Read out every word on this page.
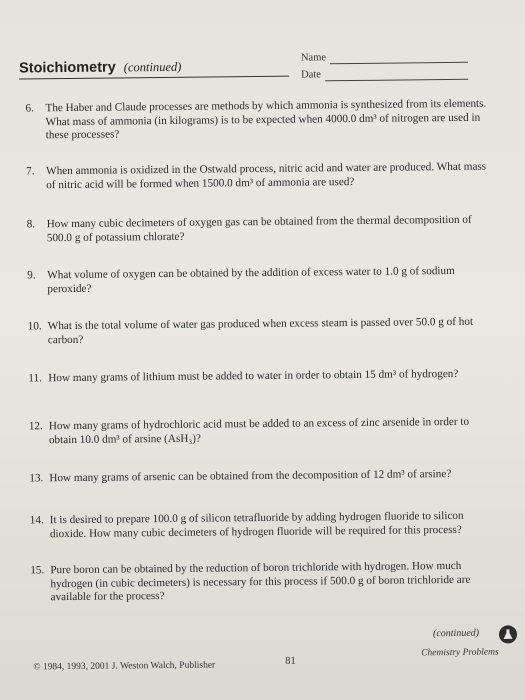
Stoichiometry (continued)
Name
Date
6. The Haber and Claude processes are methods by which ammonia is synthesized from its elements. What mass of ammonia (in kilograms) is to be expected when 4000.0 dm³ of nitrogen are used in these processes?
7. When ammonia is oxidized in the Ostwald process, nitric acid and water are produced. What mass of nitric acid will be formed when 1500.0 dm³ of ammonia are used?
8. How many cubic decimeters of oxygen gas can be obtained from the thermal decomposition of 500.0 g of potassium chlorate?
9. What volume of oxygen can be obtained by the addition of excess water to 1.0 g of sodium peroxide?
10. What is the total volume of water gas produced when excess steam is passed over 50.0 g of hot carbon?
11. How many grams of lithium must be added to water in order to obtain 15 dm³ of hydrogen?
12. How many grams of hydrochloric acid must be added to an excess of zinc arsenide in order to obtain 10.0 dm³ of arsine (AsH₃)?
13. How many grams of arsenic can be obtained from the decomposition of 12 dm³ of arsine?
14. It is desired to prepare 100.0 g of silicon tetrafluoride by adding hydrogen fluoride to silicon dioxide. How many cubic decimeters of hydrogen fluoride will be required for this process?
15. Pure boron can be obtained by the reduction of boron trichloride with hydrogen. How much hydrogen (in cubic decimeters) is necessary for this process if 500.0 g of boron trichloride are available for the process?
(continued)
© 1984, 1993, 2001 J. Weston Walch, Publisher	81
Chemistry Problems
